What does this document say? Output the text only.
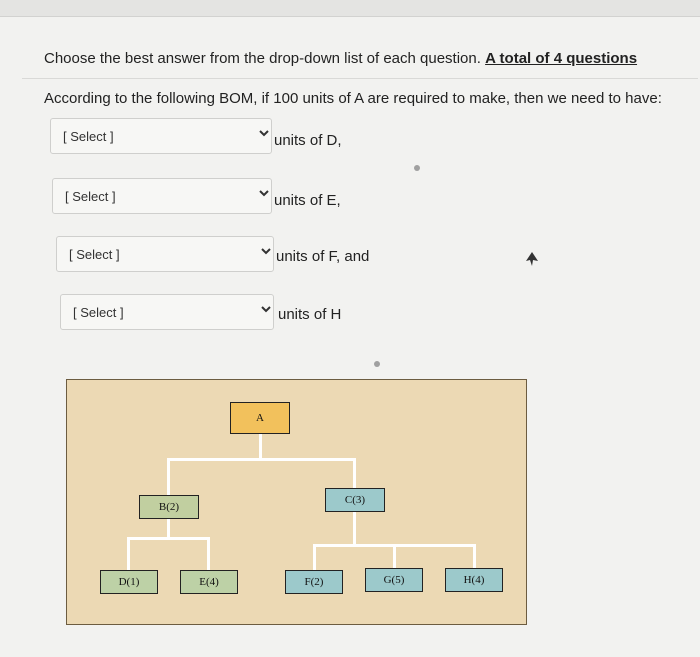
Choose the best answer from the drop-down list of each question. A total of 4 questions
According to the following BOM, if 100 units of A are required to make, then we need to have:
[ Select ]	units of D,
[ Select ]	units of E,
[ Select ]	units of F, and
[ Select ]	units of H
A
B(2)
C(3)
D(1)	E(4)	F(2)	G(5)	H(4)
